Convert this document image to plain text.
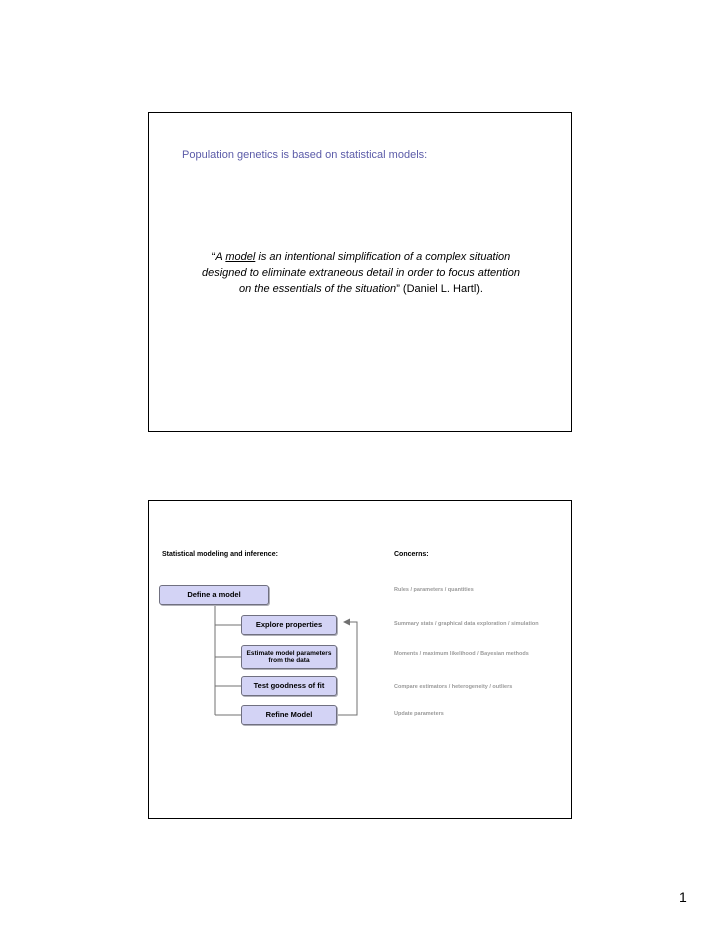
Population genetics is based on statistical models:
“A model is an intentional simplification of a complex situation
designed to eliminate extraneous detail in order to focus attention
on the essentials of the situation” (Daniel L. Hartl).
Statistical modeling and inference:	Concerns:
Define a model
Explore properties
Estimate model parameters
from the data
Test goodness of fit
Refine Model
Rules / parameters / quantities
Summary stats / graphical data exploration / simulation
Moments / maximum likelihood / Bayesian methods
Compare estimators / heterogeneity / outliers
Update parameters
1
